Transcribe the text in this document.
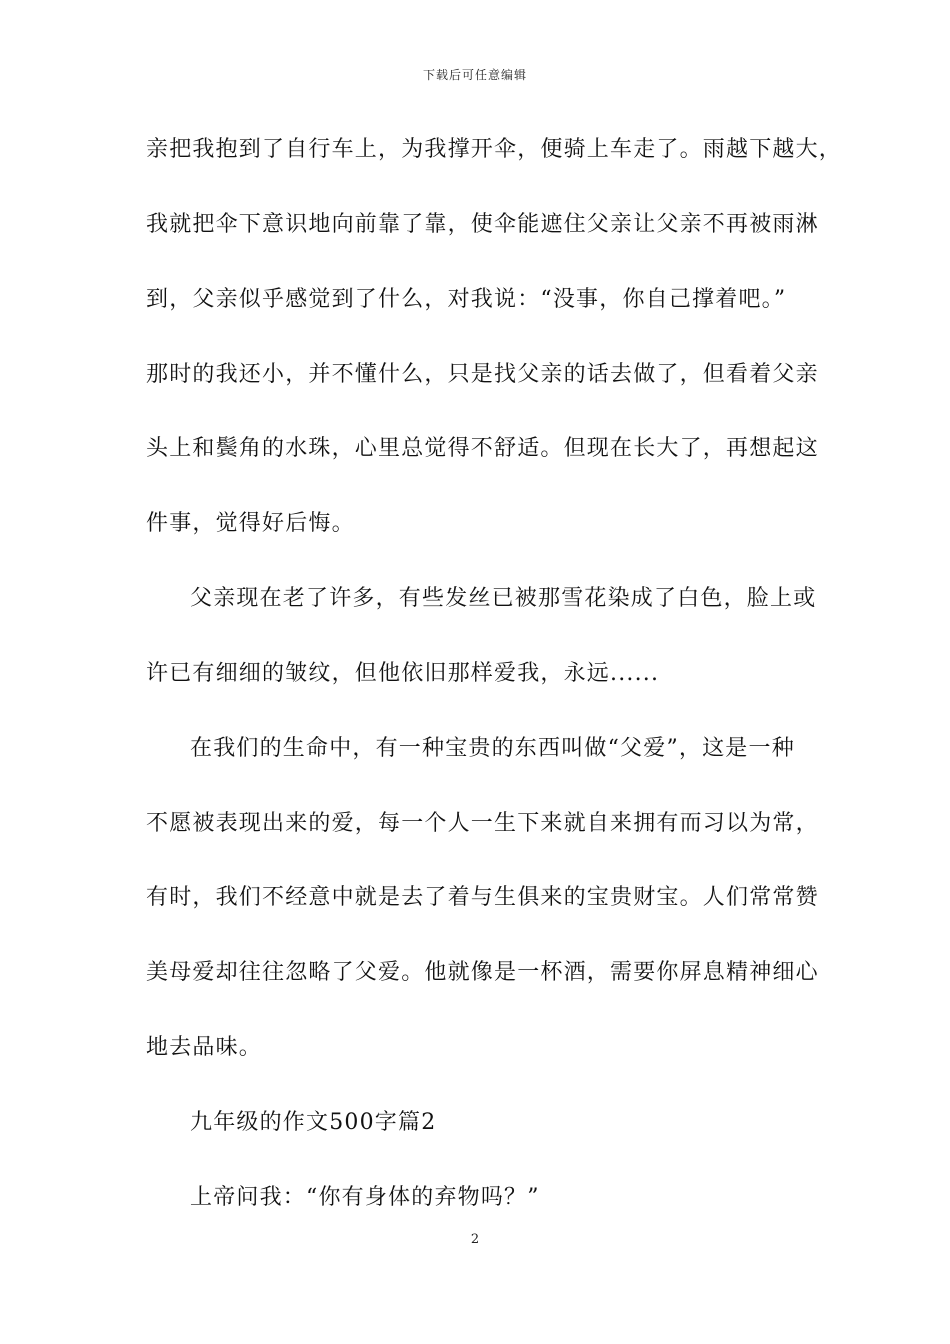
下载后可任意编辑
亲把我抱到了自行车上，为我撑开伞，便骑上车走了。雨越下越大，
我就把伞下意识地向前靠了靠，使伞能遮住父亲让父亲不再被雨淋
到，父亲似乎感觉到了什么，对我说：“没事，你自己撑着吧。”
那时的我还小，并不懂什么，只是找父亲的话去做了，但看着父亲
头上和鬓角的水珠，心里总觉得不舒适。但现在长大了，再想起这
件事，觉得好后悔。
父亲现在老了许多，有些发丝已被那雪花染成了白色，脸上或
许已有细细的皱纹，但他依旧那样爱我，永远......
在我们的生命中，有一种宝贵的东西叫做“父爱”，这是一种
不愿被表现出来的爱，每一个人一生下来就自来拥有而习以为常，
有时，我们不经意中就是去了着与生俱来的宝贵财宝。人们常常赞
美母爱却往往忽略了父爱。他就像是一杯酒，需要你屏息精神细心
地去品味。
九年级的作文500字篇2
上帝问我：“你有身体的弃物吗？”
2
